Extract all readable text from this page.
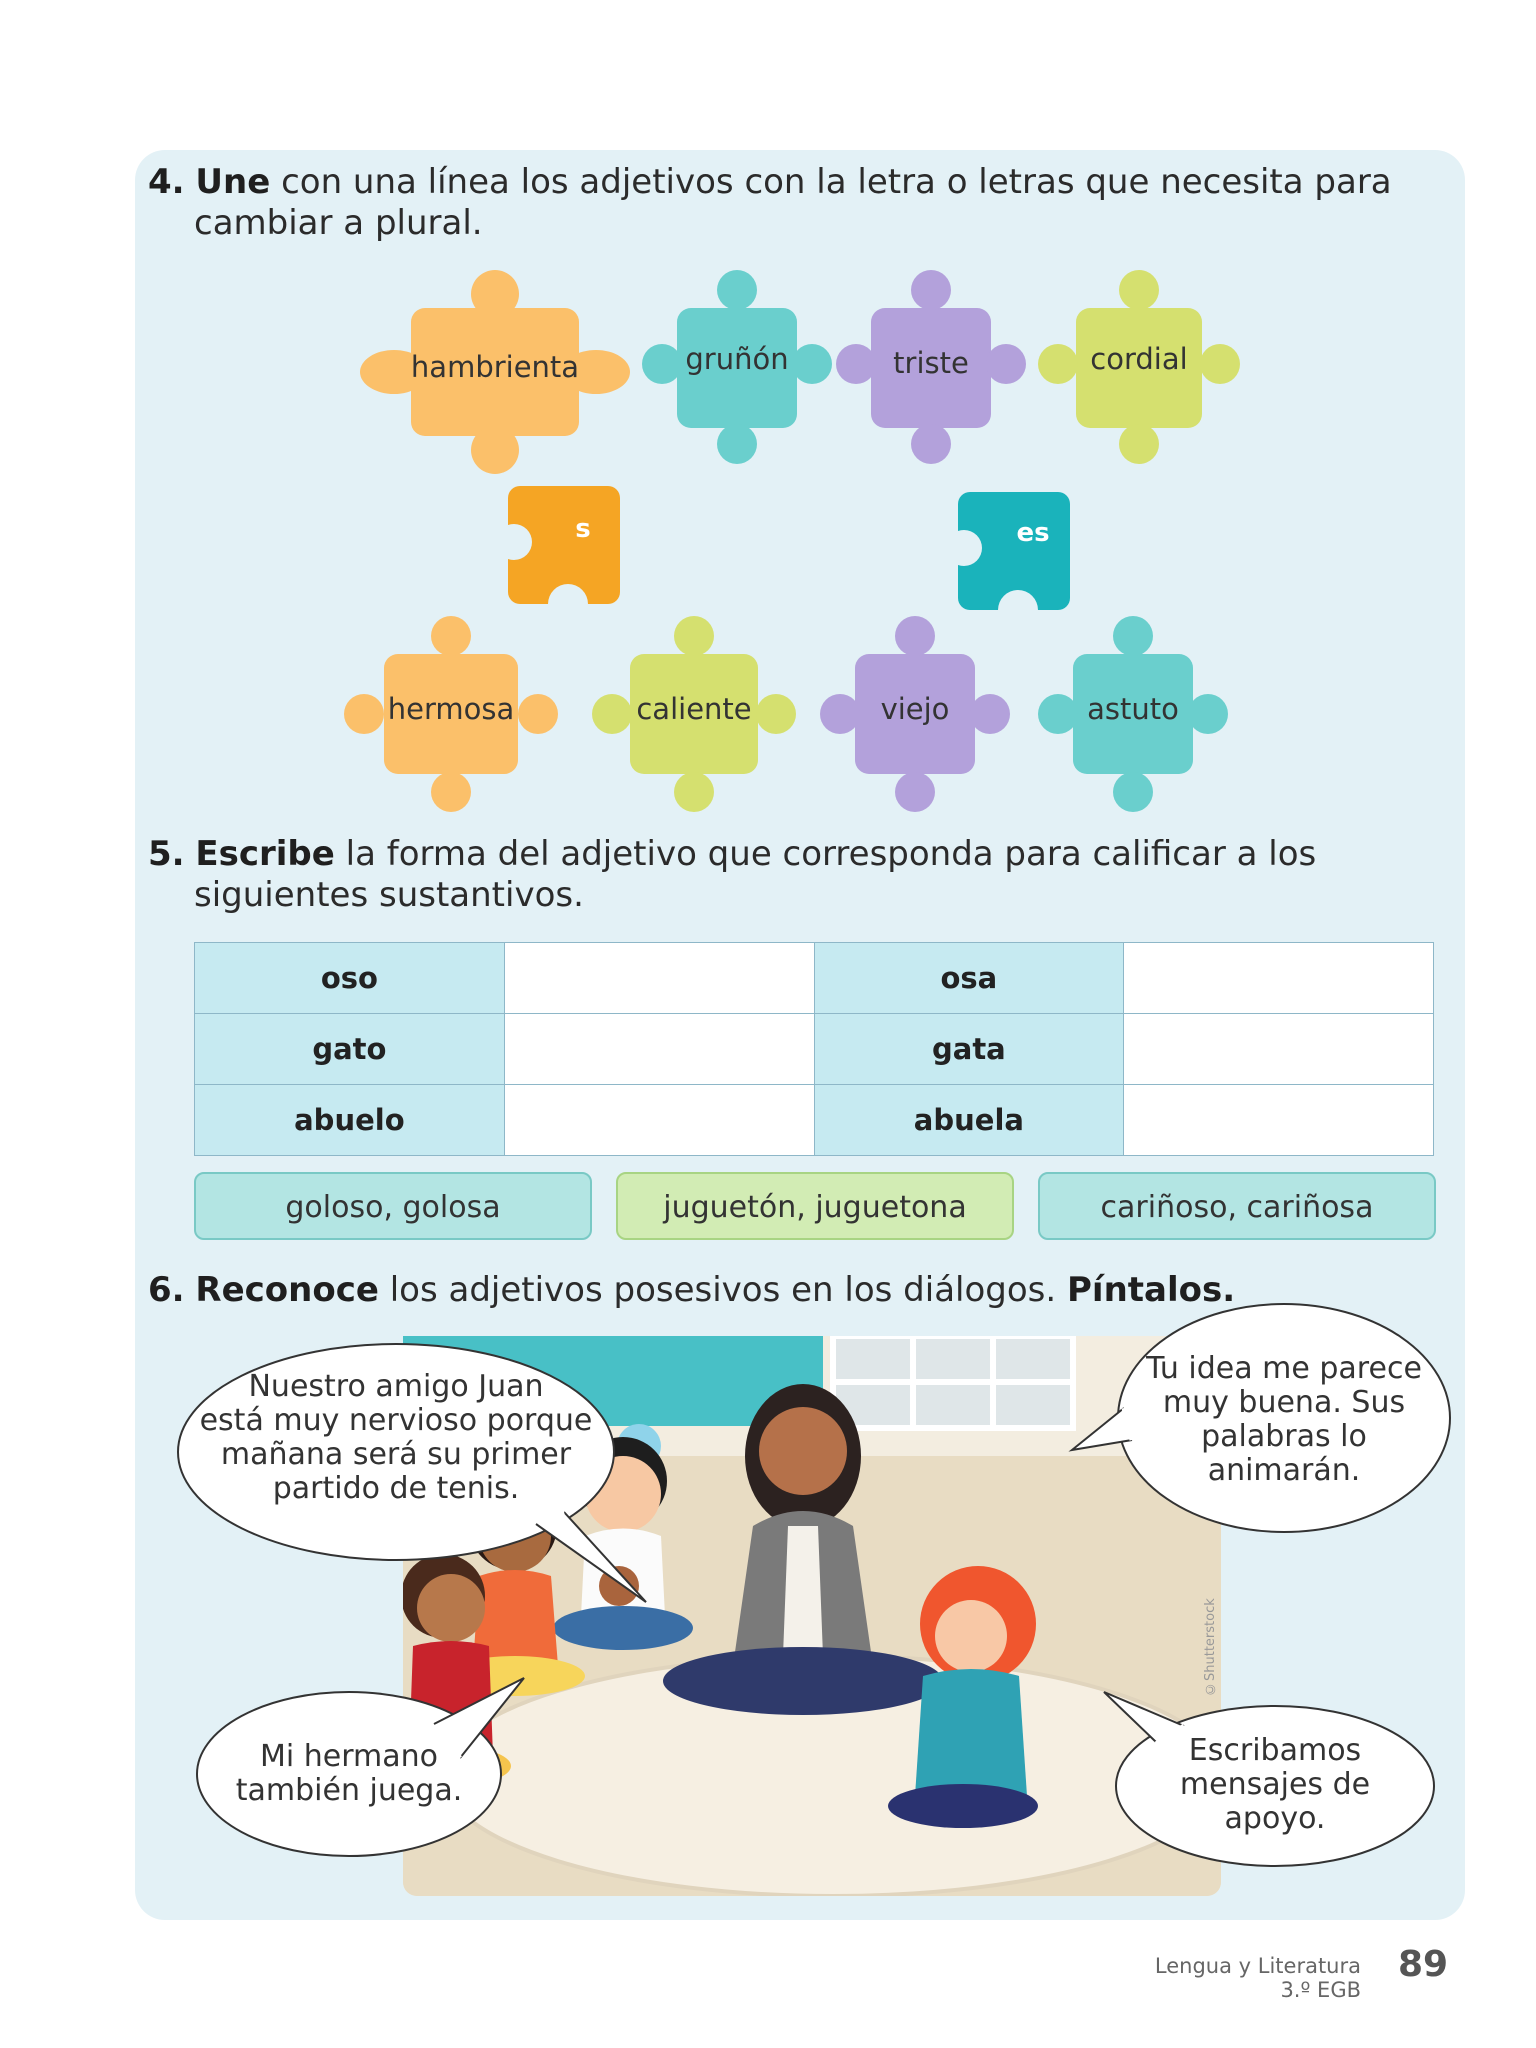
4. Une con una línea los adjetivos con la letra o letras que necesita para
cambiar a plural.
hambrienta	gruñón	triste	cordial
s	es
hermosa	caliente	viejo	astuto
5. Escribe la forma del adjetivo que corresponda para calificar a los
siguientes sustantivos.
oso		osa	
gato		gata	
abuelo		abuela	
goloso, golosa	juguetón, juguetona	cariñoso, cariñosa
6. Reconoce los adjetivos posesivos en los diálogos. Píntalos.
©Shutterstock
Nuestro amigo Juan
está muy nervioso porque
mañana será su primer
partido de tenis.
Tu idea me parece
muy buena. Sus
palabras lo animarán.
Mi hermano
también juega.
Escribamos
mensajes de
apoyo.
Lengua y Literatura
3.º EGB
89
